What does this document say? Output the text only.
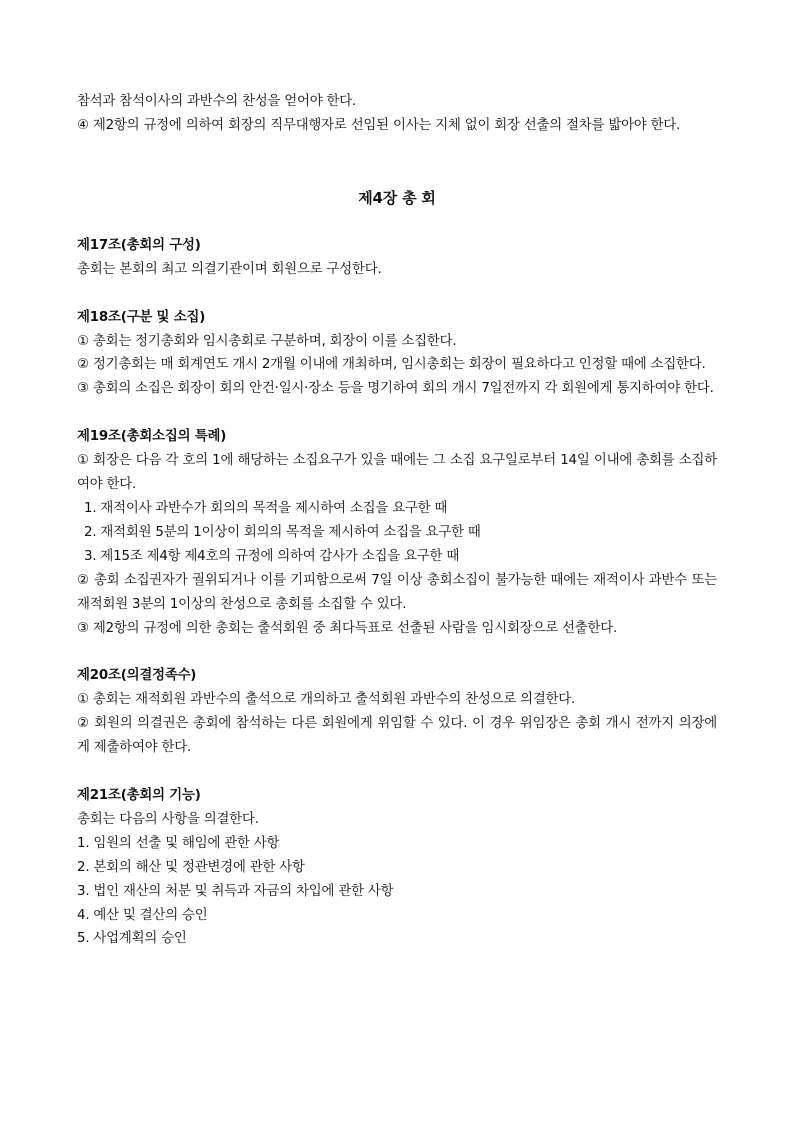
참석과 참석이사의 과반수의 찬성을 얻어야 한다.

④ 제2항의 규정에 의하여 회장의 직무대행자로 선임된 이사는 지체 없이 회장 선출의 절차를 밟아야 한다.

제4장 총 회

제17조(총회의 구성)

총회는 본회의 최고 의결기관이며 회원으로 구성한다.

제18조(구분 및 소집)

① 총회는 정기총회와 임시총회로 구분하며, 회장이 이를 소집한다.

② 정기총회는 매 회계연도 개시 2개월 이내에 개최하며, 임시총회는 회장이 필요하다고 인정할 때에 소집한다.

③ 총회의 소집은 회장이 회의 안건·일시·장소 등을 명기하여 회의 개시 7일전까지 각 회원에게 통지하여야 한다.

제19조(총회소집의 특례)

① 회장은 다음 각 호의 1에 해당하는 소집요구가 있을 때에는 그 소집 요구일로부터 14일 이내에 총회를 소집하여야 한다.

1. 재적이사 과반수가 회의의 목적을 제시하여 소집을 요구한 때

2. 재적회원 5분의 1이상이 회의의 목적을 제시하여 소집을 요구한 때

3. 제15조 제4항 제4호의 규정에 의하여 감사가 소집을 요구한 때

② 총회 소집권자가 궐위되거나 이를 기피함으로써 7일 이상 총회소집이 불가능한 때에는 재적이사 과반수 또는 재적회원 3분의 1이상의 찬성으로 총회를 소집할 수 있다.

③ 제2항의 규정에 의한 총회는 출석회원 중 최다득표로 선출된 사람을 임시회장으로 선출한다.

제20조(의결정족수)

① 총회는 재적회원 과반수의 출석으로 개의하고 출석회원 과반수의 찬성으로 의결한다.

② 회원의 의결권은 총회에 참석하는 다른 회원에게 위임할 수 있다. 이 경우 위임장은 총회 개시 전까지 의장에게 제출하여야 한다.

제21조(총회의 기능)

총회는 다음의 사항을 의결한다.

1. 임원의 선출 및 해임에 관한 사항

2. 본회의 해산 및 정관변경에 관한 사항

3. 법인 재산의 처분 및 취득과 자금의 차입에 관한 사항

4. 예산 및 결산의 승인

5. 사업계획의 승인
